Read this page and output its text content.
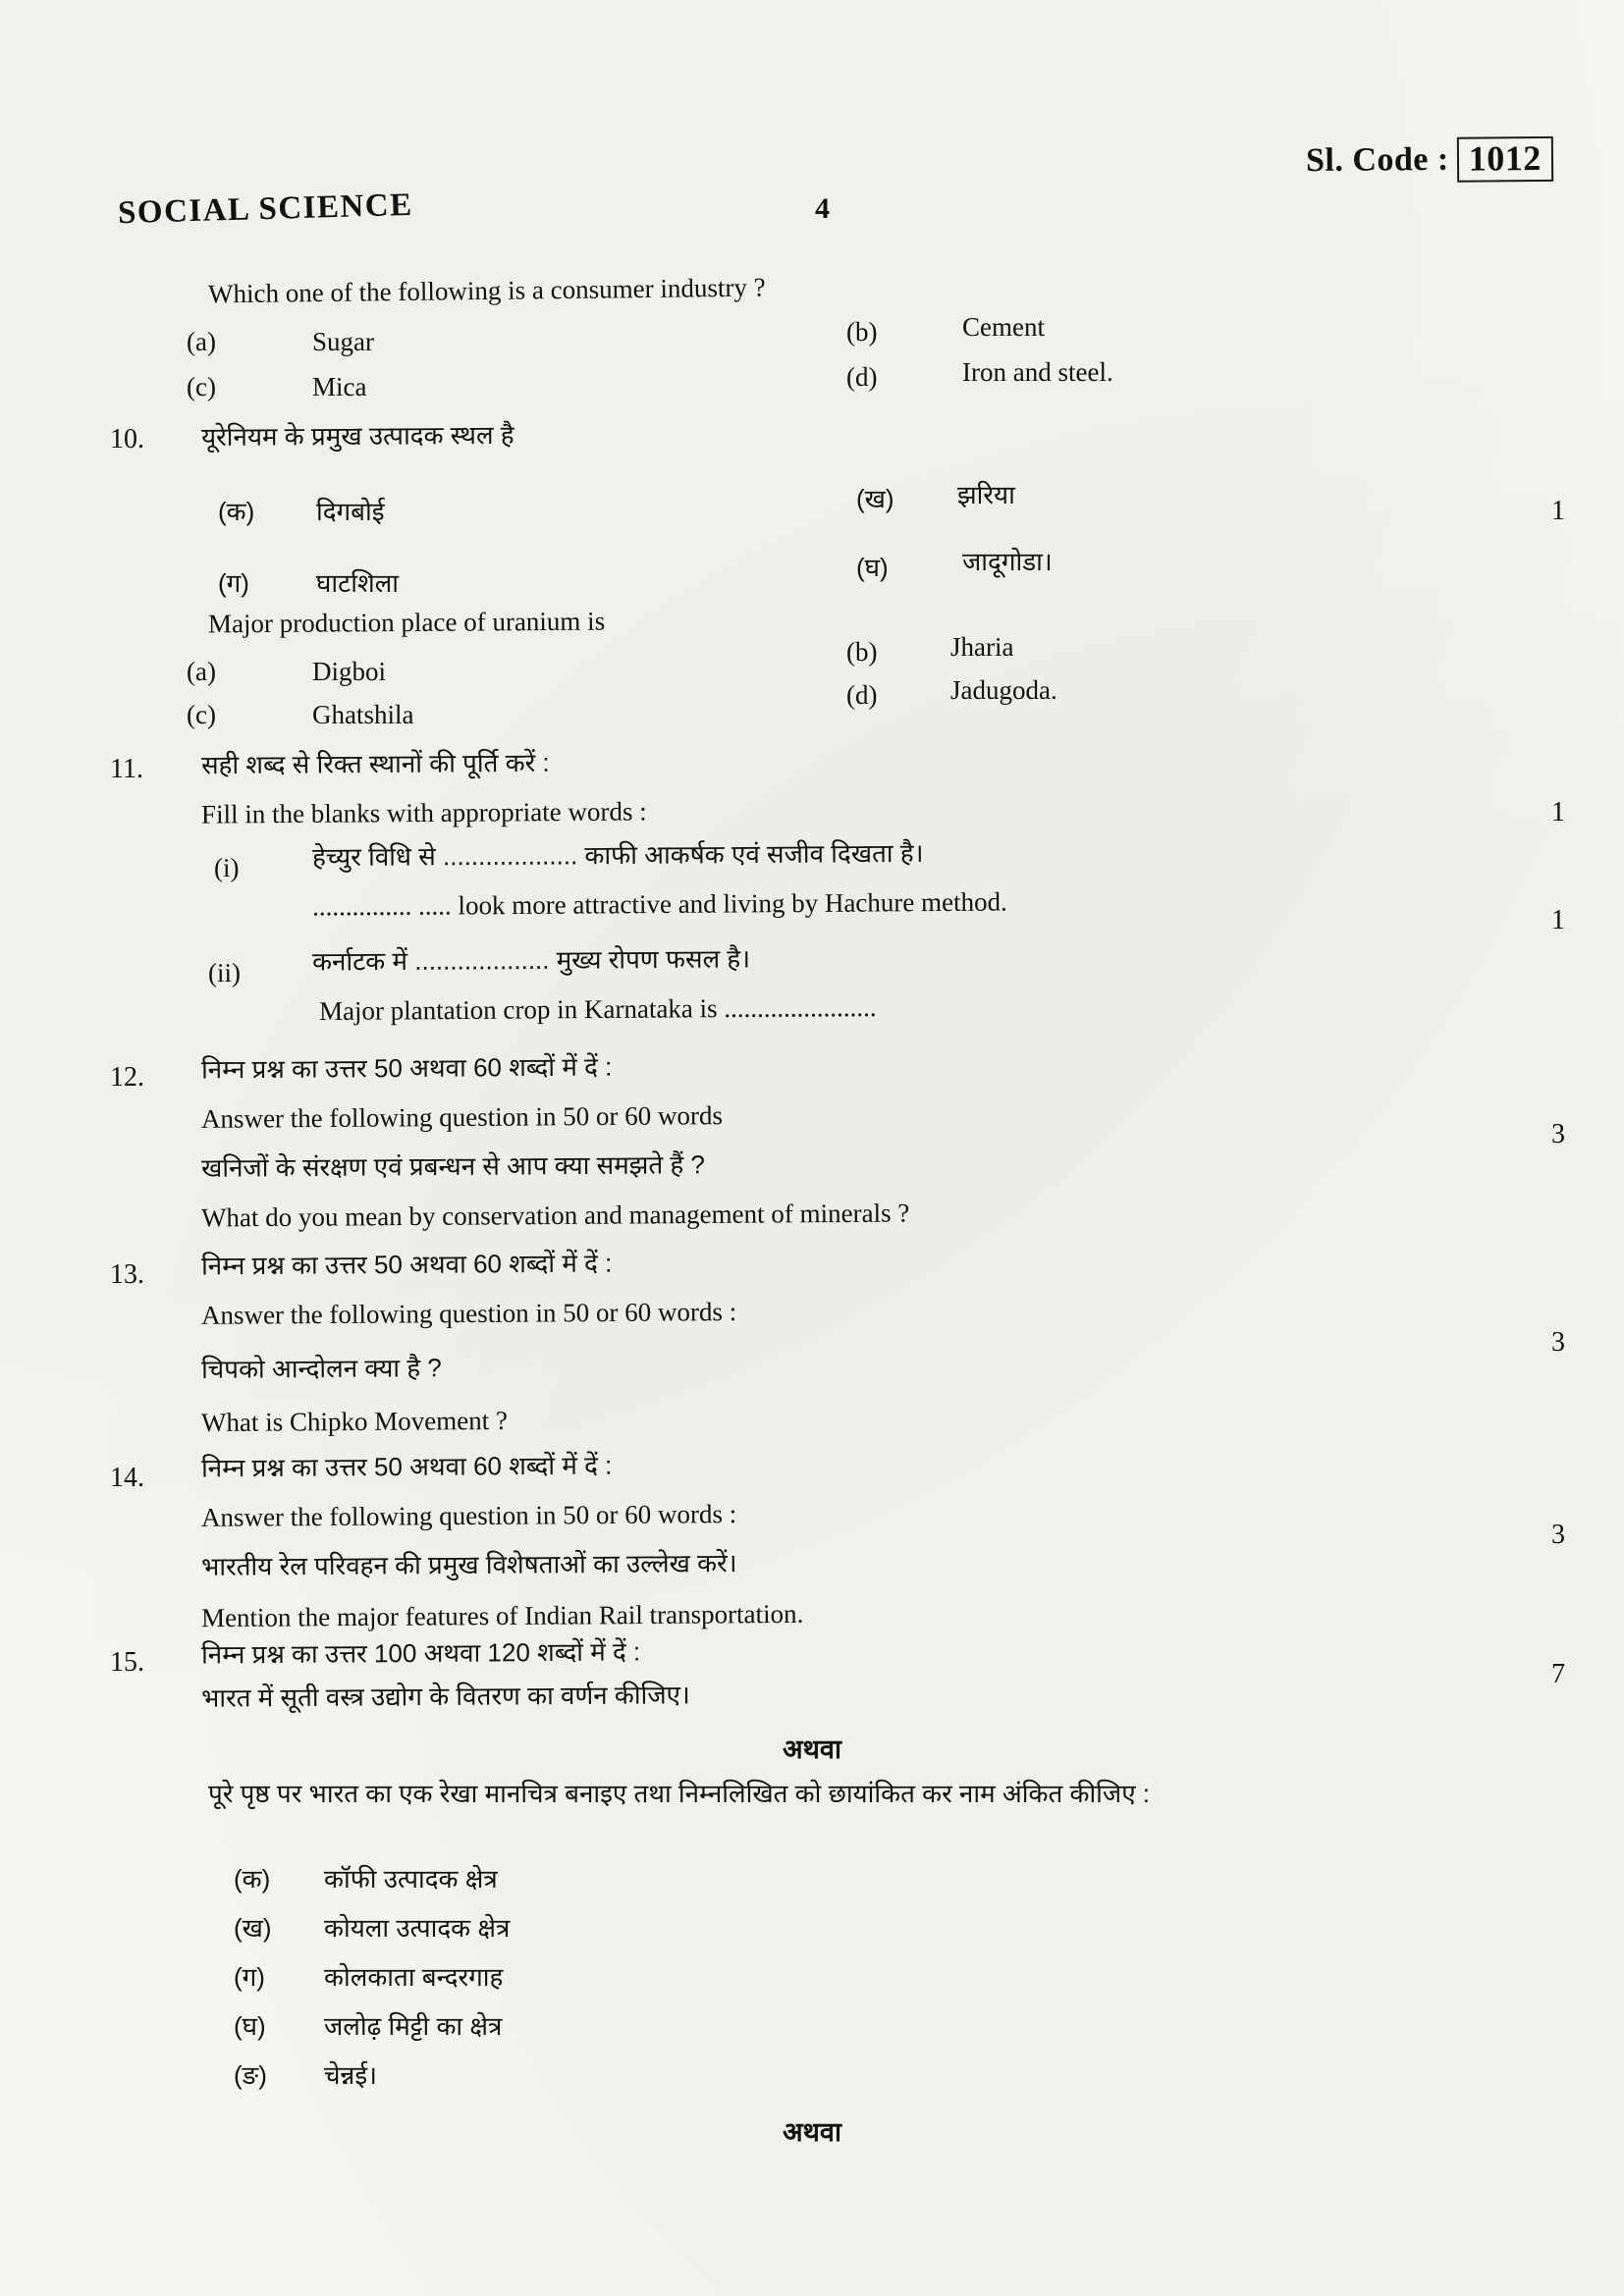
Sl. Code : 1012
SOCIAL SCIENCE	4
Which one of the following is a consumer industry ?
(a)	Sugar	(b)	Cement
(c)	Mica	(d)	Iron and steel.
10. यूरेनियम के प्रमुख उत्पादक स्थल है
(क) दिगबोई	(ख) झरिया
(ग)	घाटशिला
(घ)	जादूगोडा।
Major production place of uranium is
(a)	Digboi
(b)	Jharia
(c)	Ghatshila
(d)	Jadugoda.
1
11. सही शब्द से रिक्त स्थानों की पूर्ति करें :
Fill in the blanks with appropriate words :
(i)	हेच्युर विधि से ................... काफी आकर्षक एवं सजीव दिखता है।
............... ..... look more attractive and living by Hachure method.
(ii)	कर्नाटक में ................... मुख्य रोपण फसल है।
Major plantation crop in Karnataka is .......................
1
1
12. निम्न प्रश्न का उत्तर 50 अथवा 60 शब्दों में दें :
Answer the following question in 50 or 60 words
खनिजों के संरक्षण एवं प्रबन्धन से आप क्या समझते हैं ?
What do you mean by conservation and management of minerals ?
3
13. निम्न प्रश्न का उत्तर 50 अथवा 60 शब्दों में दें :
Answer the following question in 50 or 60 words :
चिपको आन्दोलन क्या है ?
What is Chipko Movement ?
3
14. निम्न प्रश्न का उत्तर 50 अथवा 60 शब्दों में दें :
Answer the following question in 50 or 60 words :
भारतीय रेल परिवहन की प्रमुख विशेषताओं का उल्लेख करें।
Mention the major features of Indian Rail transportation.
3
15. निम्न प्रश्न का उत्तर 100 अथवा 120 शब्दों में दें :
भारत में सूती वस्त्र उद्योग के वितरण का वर्णन कीजिए।
7
अथवा
पूरे पृष्ठ पर भारत का एक रेखा मानचित्र बनाइए तथा निम्नलिखित को छायांकित कर नाम अंकित कीजिए :
(क) कॉफी उत्पादक क्षेत्र
(ख) कोयला उत्पादक क्षेत्र
(ग) कोलकाता बन्दरगाह
(घ) जलोढ़ मिट्टी का क्षेत्र
(ङ) चेन्नई।
अथवा
